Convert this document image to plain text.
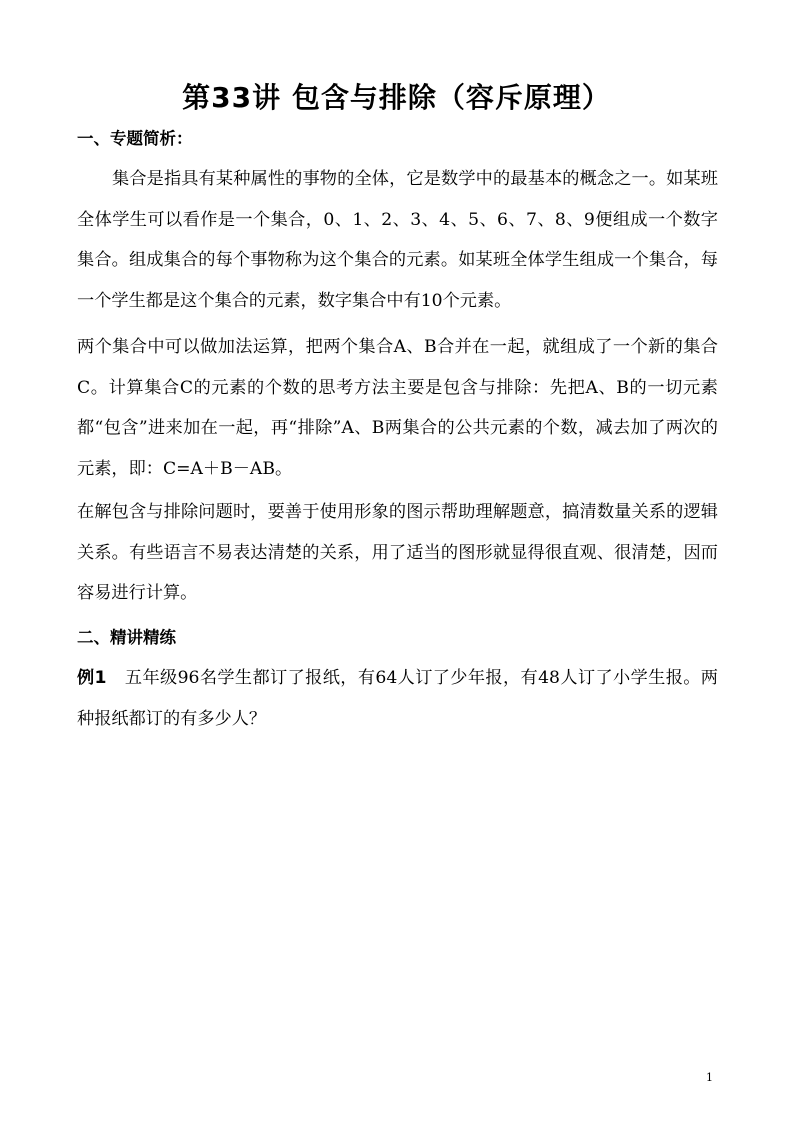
第33讲 包含与排除（容斥原理）
一、专题简析：

集合是指具有某种属性的事物的全体，它是数学中的最基本的概念之一。如某班全体学生可以看作是一个集合，0、1、2、3、4、5、6、7、8、9便组成一个数字集合。组成集合的每个事物称为这个集合的元素。如某班全体学生组成一个集合，每一个学生都是这个集合的元素，数字集合中有10个元素。

两个集合中可以做加法运算，把两个集合A、B合并在一起，就组成了一个新的集合C。计算集合C的元素的个数的思考方法主要是包含与排除：先把A、B的一切元素都“包含”进来加在一起，再“排除”A、B两集合的公共元素的个数，减去加了两次的元素，即：C=A＋B－AB。

在解包含与排除问题时，要善于使用形象的图示帮助理解题意，搞清数量关系的逻辑关系。有些语言不易表达清楚的关系，用了适当的图形就显得很直观、很清楚，因而容易进行计算。

二、精讲精练

例1 五年级96名学生都订了报纸，有64人订了少年报，有48人订了小学生报。两种报纸都订的有多少人？

1
